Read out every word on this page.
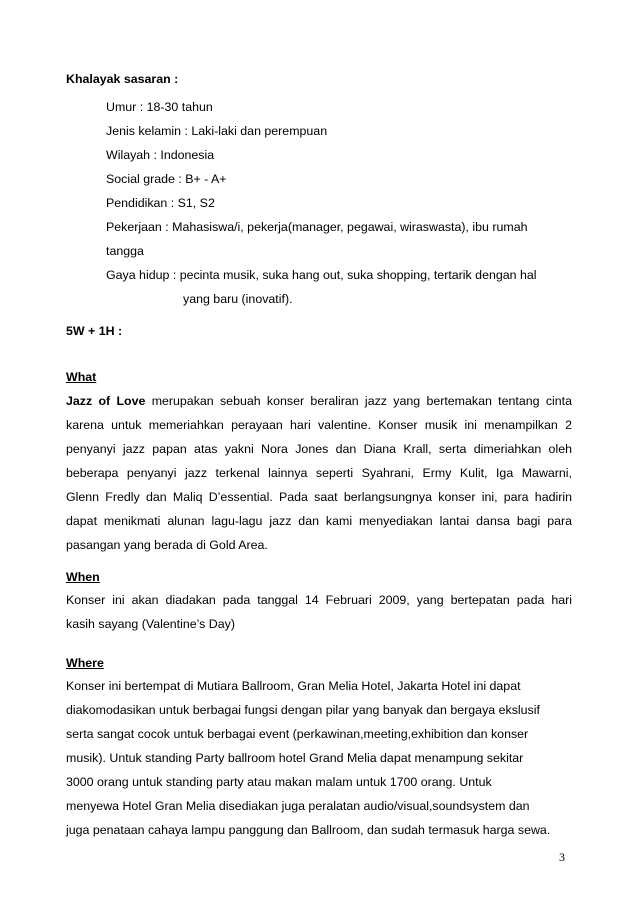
Khalayak sasaran :
Umur : 18-30 tahun
Jenis kelamin : Laki-laki dan perempuan
Wilayah : Indonesia
Social grade : B+ - A+
Pendidikan : S1, S2
Pekerjaan : Mahasiswa/i, pekerja(manager, pegawai, wiraswasta), ibu rumah
tangga
Gaya hidup : pecinta musik, suka hang out, suka shopping, tertarik dengan hal
yang baru (inovatif).
5W + 1H :
What
Jazz of Love merupakan sebuah konser beraliran jazz yang bertemakan tentang cinta
karena untuk memeriahkan perayaan hari valentine. Konser musik ini menampilkan 2
penyanyi jazz papan atas yakni Nora Jones dan Diana Krall, serta dimeriahkan oleh
beberapa penyanyi jazz terkenal lainnya seperti Syahrani, Ermy Kulit, Iga Mawarni,
Glenn Fredly dan Maliq D’essential. Pada saat berlangsungnya konser ini, para hadirin
dapat menikmati alunan lagu-lagu jazz dan kami menyediakan lantai dansa bagi para
pasangan yang berada di Gold Area.
When
Konser ini akan diadakan pada tanggal 14 Februari 2009, yang bertepatan pada hari
kasih sayang (Valentine’s Day)
Where
Konser ini bertempat di Mutiara Ballroom, Gran Melia Hotel, Jakarta Hotel ini dapat
diakomodasikan untuk berbagai fungsi dengan pilar yang banyak dan bergaya ekslusif
serta sangat cocok untuk berbagai event (perkawinan,meeting,exhibition dan konser
musik). Untuk standing Party ballroom hotel Grand Melia dapat menampung sekitar
3000 orang untuk standing party atau makan malam untuk 1700 orang. Untuk
menyewa Hotel Gran Melia disediakan juga peralatan audio/visual,soundsystem dan
juga penataan cahaya lampu panggung dan Ballroom, dan sudah termasuk harga sewa.
3
